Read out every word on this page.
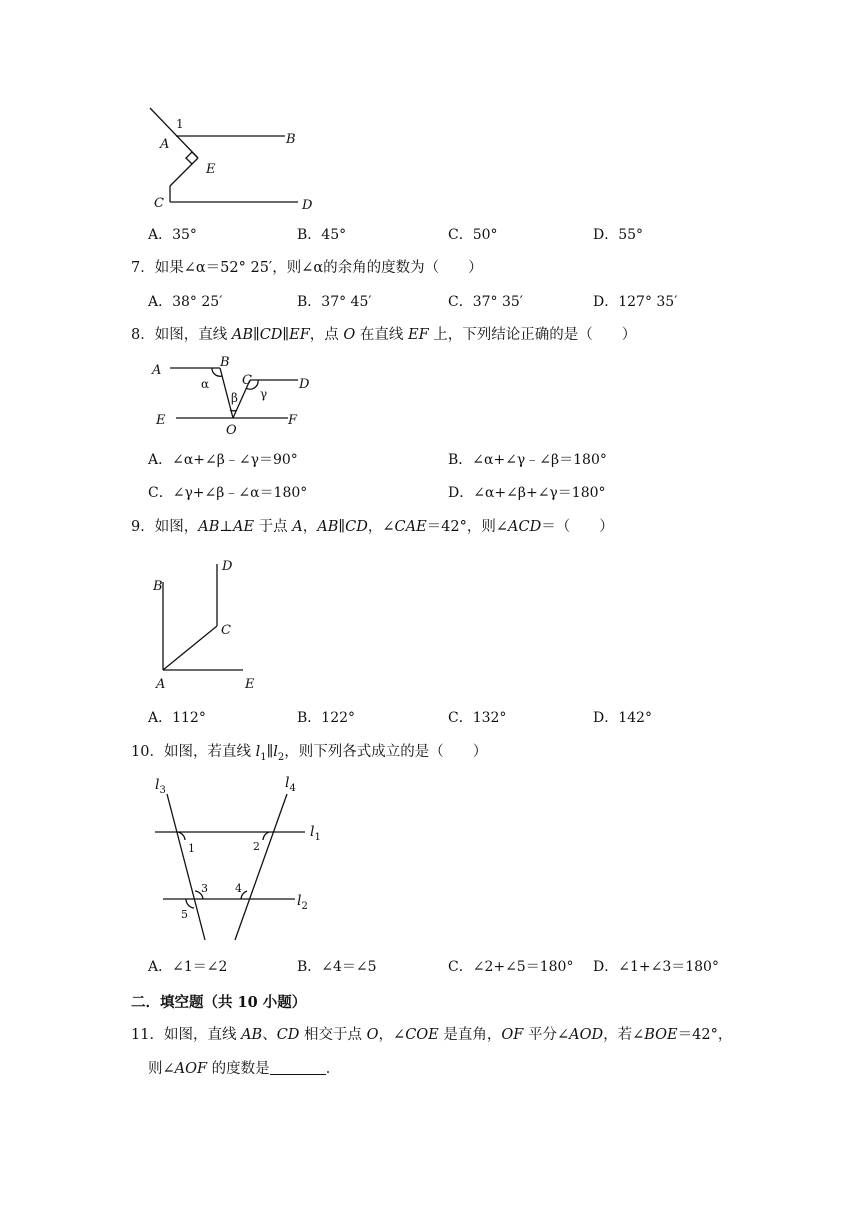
1
A	B
E
C	D
A．35°	B．45°	C．50°	D．55°
7．如果∠α＝52° 25′，则∠α的余角的度数为（　　）
A．38° 25′	B．37° 45′	C．37° 35′	D．127° 35′
8．如图，直线 AB∥CD∥EF，点 O 在直线 EF 上，下列结论正确的是（　　）
A
B
C	D
E	F
O
α
β γ
A．∠α+∠β﹣∠γ＝90°	B．∠α+∠γ﹣∠β＝180°
C．∠γ+∠β﹣∠α＝180°	D．∠α+∠β+∠γ＝180°
9．如图，AB⊥AE 于点 A，AB∥CD，∠CAE＝42°，则∠ACD＝（　　）
B
D
C
A	E
A．112°	B．122°	C．132°	D．142°
10．如图，若直线 $l_1\parallel l_2$，则下列各式成立的是（　　）
$l_3$	$l_4$
$l_1$
$l_2$
1	2
3 4
5
A．∠1＝∠2	B．∠4＝∠5	C．∠2+∠5＝180° D．∠1+∠3＝180°
二．填空题（共 10 小题）
11．如图，直线 AB、CD 相交于点 O，∠COE 是直角，OF 平分∠AOD，若∠BOE＝42°，
则∠AOF 的度数是	．
